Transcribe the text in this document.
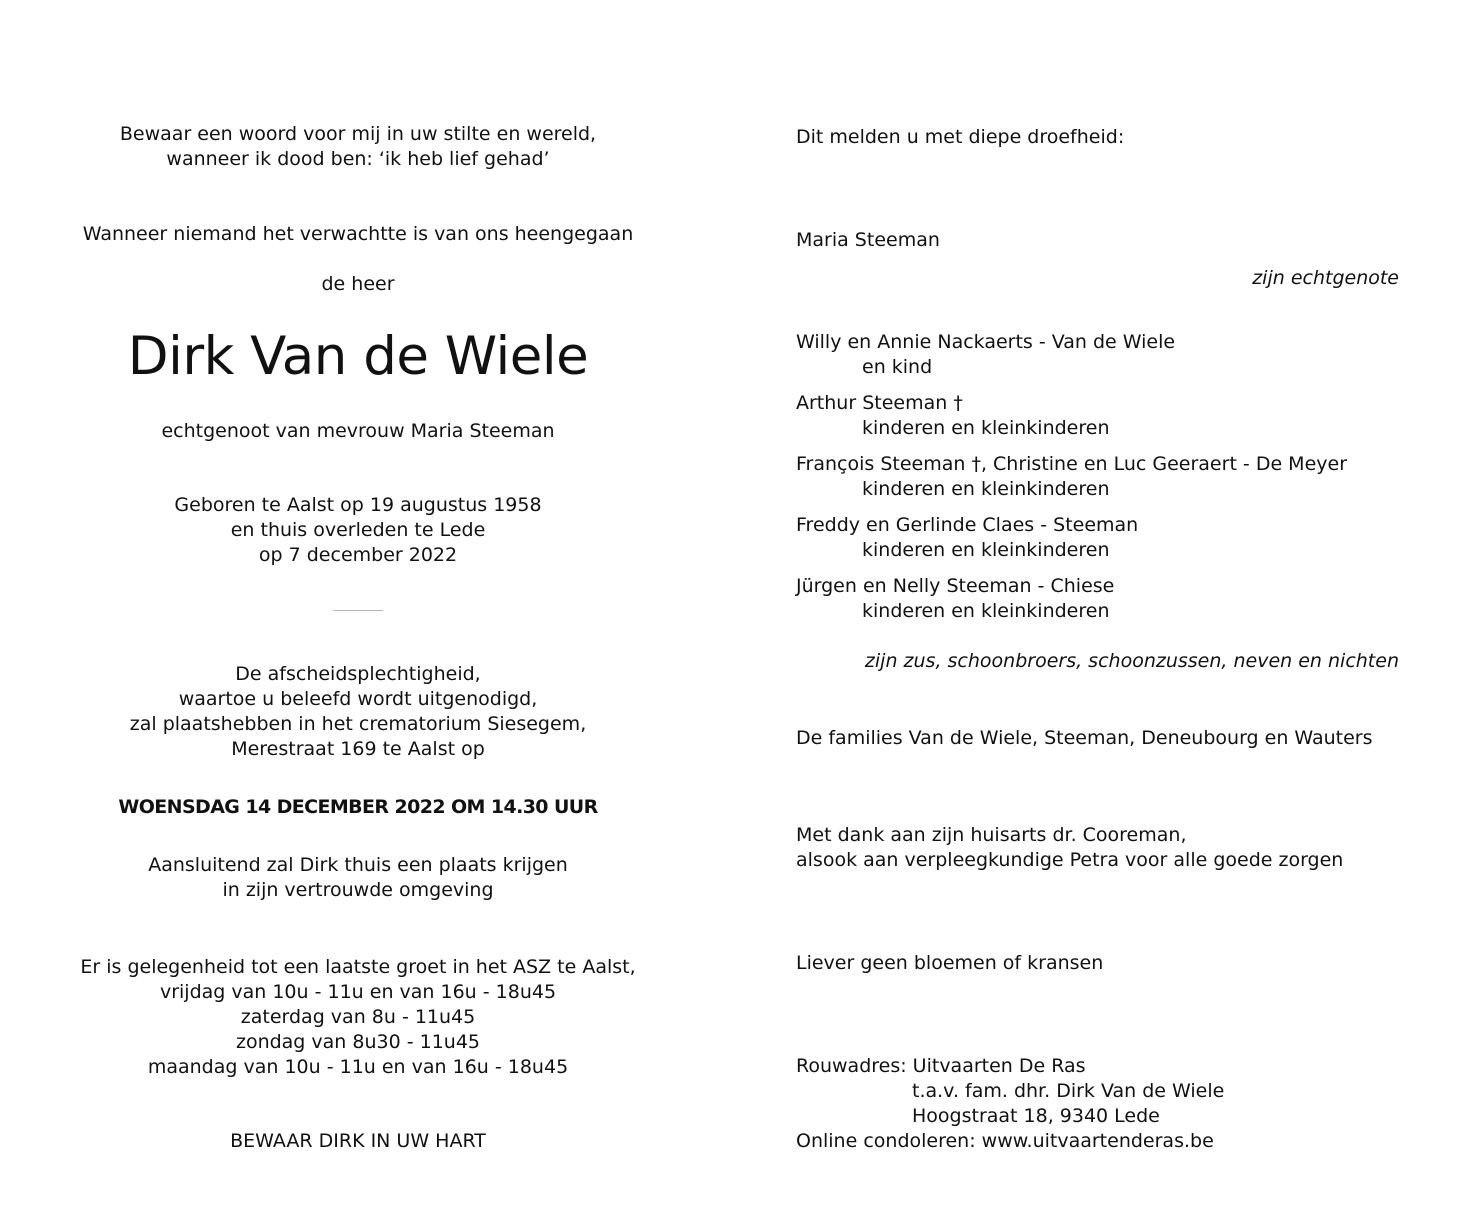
Bewaar een woord voor mij in uw stilte en wereld,
wanneer ik dood ben: ‘ik heb lief gehad’
Wanneer niemand het verwachtte is van ons heengegaan
de heer
Dirk Van de Wiele
echtgenoot van mevrouw Maria Steeman
Geboren te Aalst op 19 augustus 1958
en thuis overleden te Lede
op 7 december 2022
De afscheidsplechtigheid,
waartoe u beleefd wordt uitgenodigd,
zal plaatshebben in het crematorium Siesegem,
Merestraat 169 te Aalst op
WOENSDAG 14 DECEMBER 2022 OM 14.30 UUR
Aansluitend zal Dirk thuis een plaats krijgen
in zijn vertrouwde omgeving
Er is gelegenheid tot een laatste groet in het ASZ te Aalst,
vrijdag van 10u - 11u en van 16u - 18u45
zaterdag van 8u - 11u45
zondag van 8u30 - 11u45
maandag van 10u - 11u en van 16u - 18u45
BEWAAR DIRK IN UW HART
Dit melden u met diepe droefheid:
Maria Steeman
zijn echtgenote
Willy en Annie Nackaerts - Van de Wiele
en kind
Arthur Steeman †
kinderen en kleinkinderen
François Steeman †, Christine en Luc Geeraert - De Meyer
kinderen en kleinkinderen
Freddy en Gerlinde Claes - Steeman
kinderen en kleinkinderen
Jürgen en Nelly Steeman - Chiese
kinderen en kleinkinderen
zijn zus, schoonbroers, schoonzussen, neven en nichten
De families Van de Wiele, Steeman, Deneubourg en Wauters
Met dank aan zijn huisarts dr. Cooreman,
alsook aan verpleegkundige Petra voor alle goede zorgen
Liever geen bloemen of kransen
Rouwadres: Uitvaarten De Ras
t.a.v. fam. dhr. Dirk Van de Wiele
Hoogstraat 18, 9340 Lede
Online condoleren: www.uitvaartenderas.be
